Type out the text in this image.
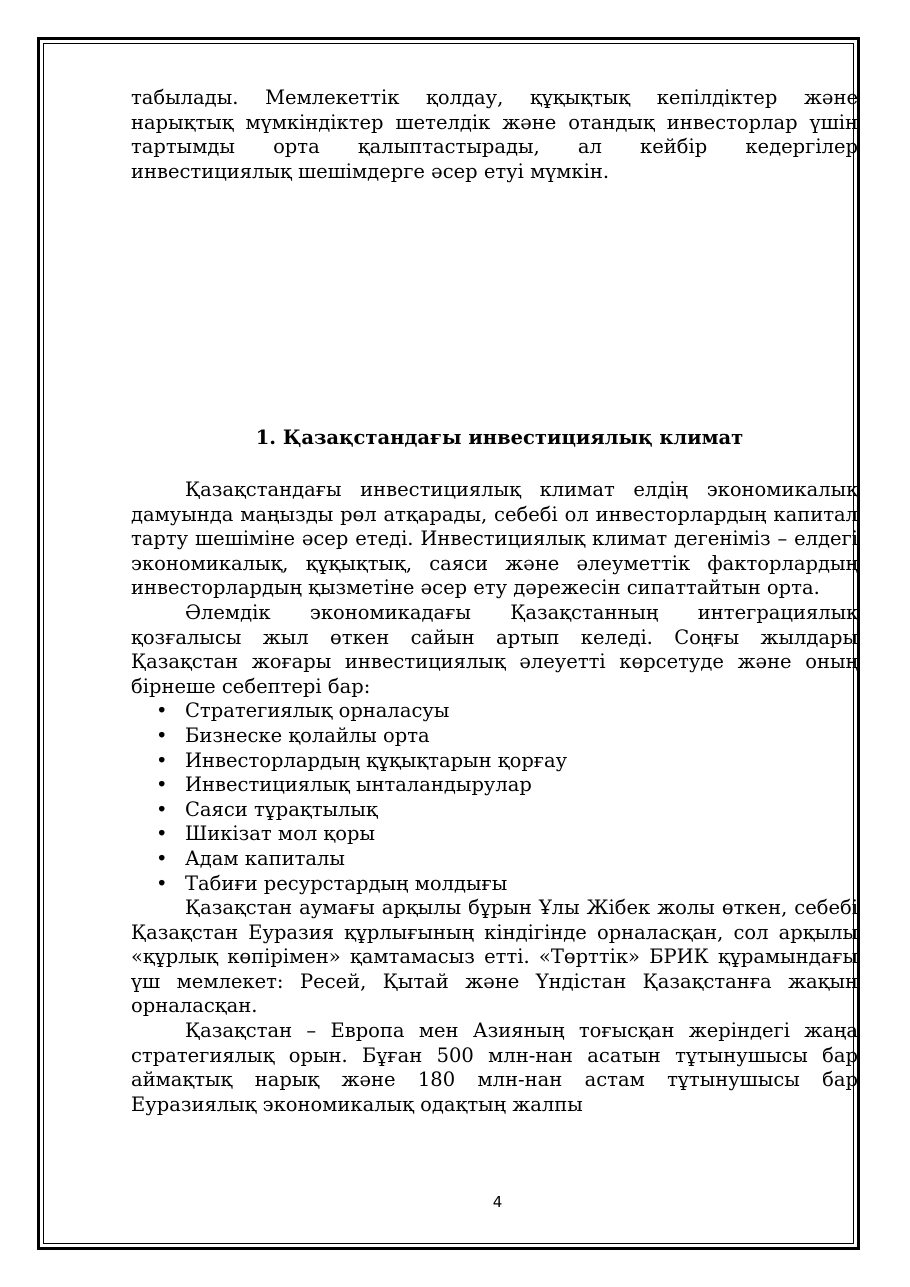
табылады. Мемлекеттік қолдау, құқықтық кепілдіктер және нарықтық мүмкіндіктер шетелдік және отандық инвесторлар үшін тартымды орта қалыптастырады, ал кейбір кедергілер инвестициялық шешімдерге әсер етуі мүмкін.

1. Қазақстандағы инвестициялық климат

Қазақстандағы инвестициялық климат елдің экономикалық дамуында маңызды рөл атқарады, себебі ол инвесторлардың капитал тарту шешіміне әсер етеді. Инвестициялық климат дегеніміз – елдегі экономикалық, құқықтық, саяси және әлеуметтік факторлардың инвесторлардың қызметіне әсер ету дәрежесін сипаттайтын орта.

Әлемдік экономикадағы Қазақстанның интеграциялық қозғалысы жыл өткен сайын артып келеді. Соңғы жылдары Қазақстан жоғары инвестициялық әлеуетті көрсетуде және оның бірнеше себептері бар:

• Стратегиялық орналасуы
• Бизнеске қолайлы орта
• Инвесторлардың құқықтарын қорғау
• Инвестициялық ынталандырулар
• Саяси тұрақтылық
• Шикізат мол қоры
• Адам капиталы
• Табиғи ресурстардың молдығы

Қазақстан аумағы арқылы бұрын Ұлы Жібек жолы өткен, себебі Қазақстан Еуразия құрлығының кіндігінде орналасқан, сол арқылы «құрлық көпірімен» қамтамасыз етті. «Төрттік» БРИК құрамындағы үш мемлекет: Ресей, Қытай және Үндістан Қазақстанға жақын орналасқан.

Қазақстан – Европа мен Азияның тоғысқан жеріндегі жаңа стратегиялық орын. Бұған 500 млн-нан асатын тұтынушысы бар аймақтық нарық және 180 млн-нан астам тұтынушысы бар Еуразиялық экономикалық одақтың жалпы

4
